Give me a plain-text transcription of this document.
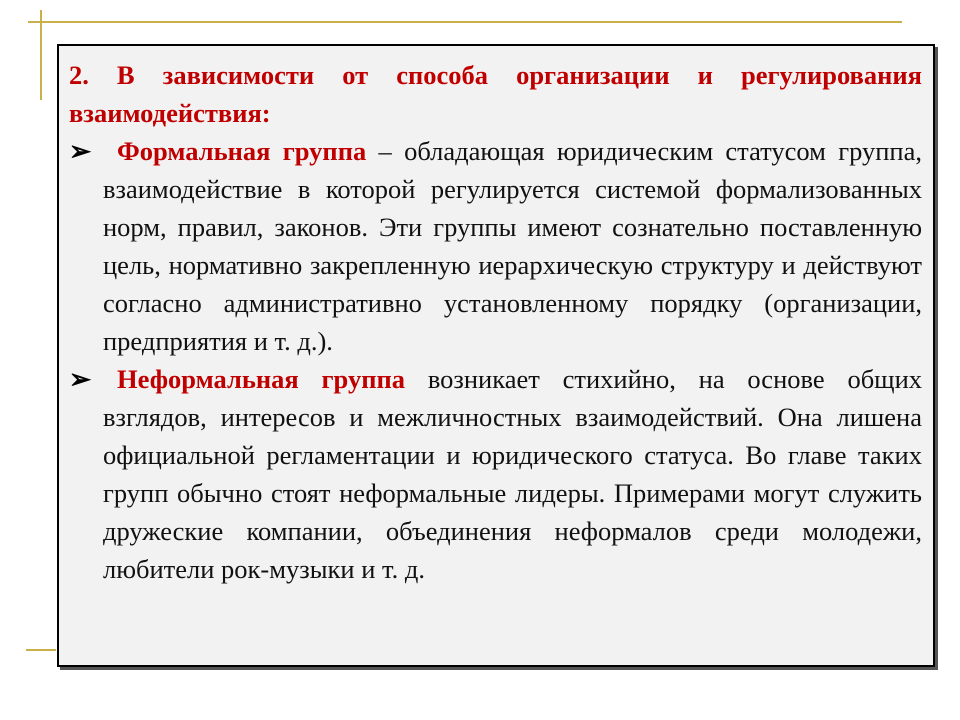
2. В зависимости от способа организации и регулирования взаимодействия:

➢ Формальная группа – обладающая юридическим статусом группа, взаимодействие в которой регулируется системой формализованных норм, правил, законов. Эти группы имеют сознательно поставленную цель, нормативно закрепленную иерархическую структуру и действуют согласно административно установленному порядку (организации, предприятия и т. д.).

➢ Неформальная группа возникает стихийно, на основе общих взглядов, интересов и межличностных взаимодействий. Она лишена официальной регламентации и юридического статуса. Во главе таких групп обычно стоят неформальные лидеры. Примерами могут служить дружеские компании, объединения неформалов среди молодежи, любители рок-музыки и т. д.
